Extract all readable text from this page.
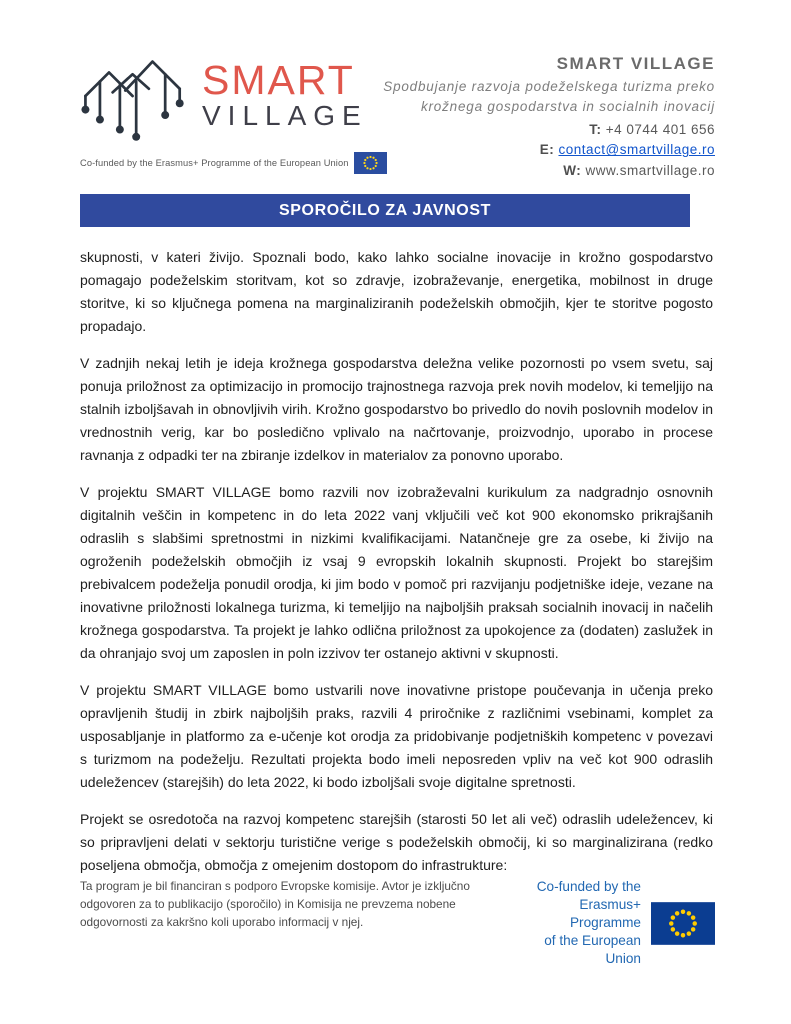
SMART
VILLAGE
Co-funded by the Erasmus+ Programme of the European Union
SMART VILLAGE
Spodbujanje razvoja podeželskega turizma preko krožnega gospodarstva in socialnih inovacij
T: +4 0744 401 656
E: contact@smartvillage.ro
W: www.smartvillage.ro
SPOROČILO ZA JAVNOST

skupnosti, v kateri živijo. Spoznali bodo, kako lahko socialne inovacije in krožno gospodarstvo pomagajo podeželskim storitvam, kot so zdravje, izobraževanje, energetika, mobilnost in druge storitve, ki so ključnega pomena na marginaliziranih podeželskih območjih, kjer te storitve pogosto propadajo.

V zadnjih nekaj letih je ideja krožnega gospodarstva deležna velike pozornosti po vsem svetu, saj ponuja priložnost za optimizacijo in promocijo trajnostnega razvoja prek novih modelov, ki temeljijo na stalnih izboljšavah in obnovljivih virih. Krožno gospodarstvo bo privedlo do novih poslovnih modelov in vrednostnih verig, kar bo posledično vplivalo na načrtovanje, proizvodnjo, uporabo in procese ravnanja z odpadki ter na zbiranje izdelkov in materialov za ponovno uporabo.

V projektu SMART VILLAGE bomo razvili nov izobraževalni kurikulum za nadgradnjo osnovnih digitalnih veščin in kompetenc in do leta 2022 vanj vključili več kot 900 ekonomsko prikrajšanih odraslih s slabšimi spretnostmi in nizkimi kvalifikacijami. Natančneje gre za osebe, ki živijo na ogroženih podeželskih območjih iz vsaj 9 evropskih lokalnih skupnosti. Projekt bo starejšim prebivalcem podeželja ponudil orodja, ki jim bodo v pomoč pri razvijanju podjetniške ideje, vezane na inovativne priložnosti lokalnega turizma, ki temeljijo na najboljših praksah socialnih inovacij in načelih krožnega gospodarstva. Ta projekt je lahko odlična priložnost za upokojence za (dodaten) zaslužek in da ohranjajo svoj um zaposlen in poln izzivov ter ostanejo aktivni v skupnosti.

V projektu SMART VILLAGE bomo ustvarili nove inovativne pristope poučevanja in učenja preko opravljenih študij in zbirk najboljših praks, razvili 4 priročnike z različnimi vsebinami, komplet za usposabljanje in platformo za e-učenje kot orodja za pridobivanje podjetniških kompetenc v povezavi s turizmom na podeželju. Rezultati projekta bodo imeli neposreden vpliv na več kot 900 odraslih udeležencev (starejših) do leta 2022, ki bodo izboljšali svoje digitalne spretnosti.

Projekt se osredotoča na razvoj kompetenc starejših (starosti 50 let ali več) odraslih udeležencev, ki so pripravljeni delati v sektorju turistične verige s podeželskih območij, ki so marginalizirana (redko poseljena območja, območja z omejenim dostopom do infrastrukture:

Ta program je bil financiran s podporo Evropske komisije. Avtor je izključno odgovoren za to publikacijo (sporočilo) in Komisija ne prevzema nobene odgovornosti za kakršno koli uporabo informacij v njej.

Co-funded by the
Erasmus+ Programme
of the European Union
